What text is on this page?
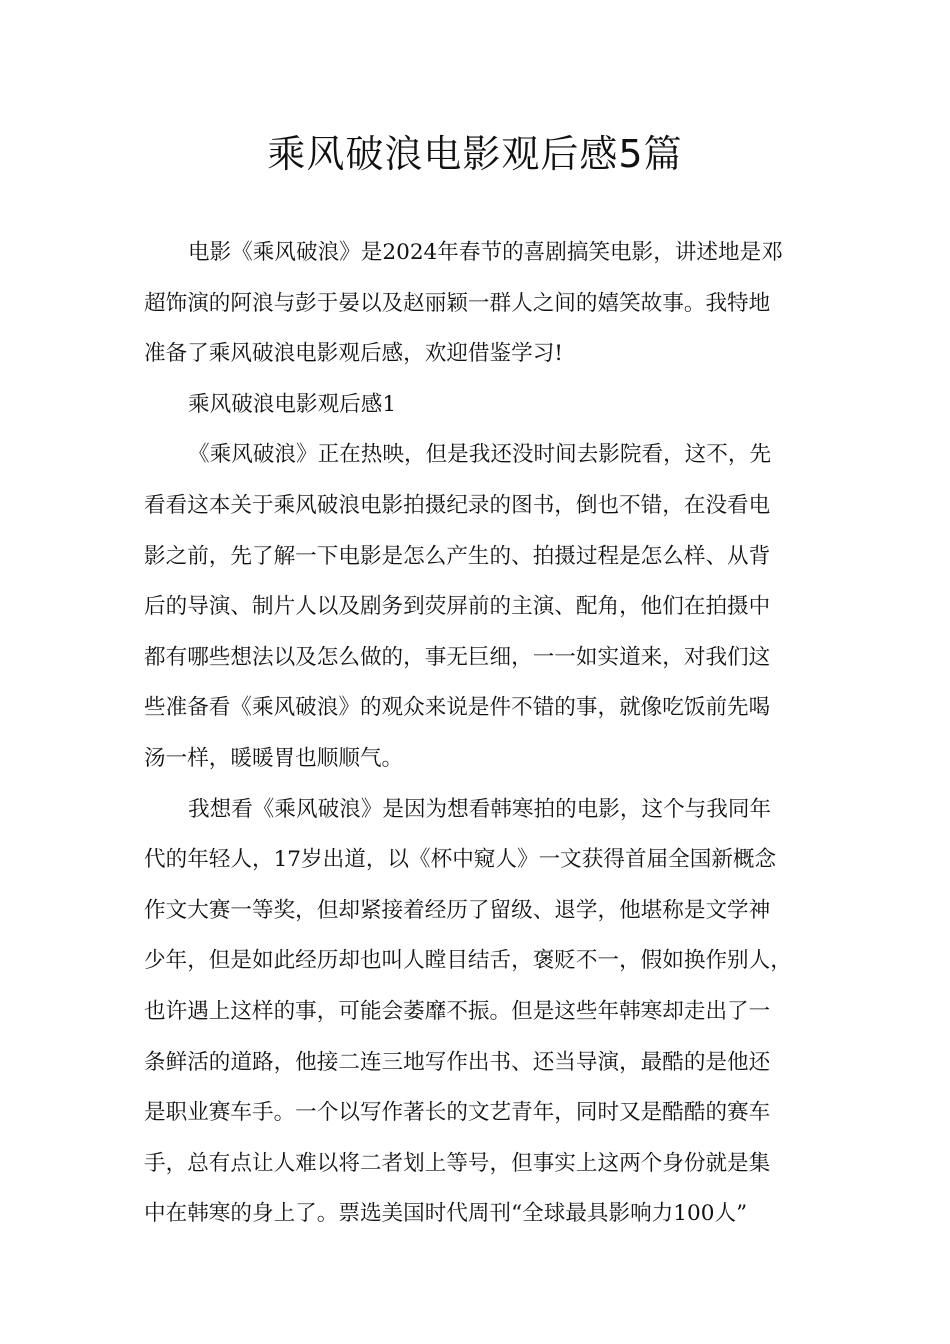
乘风破浪电影观后感5篇
电影《乘风破浪》是2024年春节的喜剧搞笑电影，讲述地是邓
超饰演的阿浪与彭于晏以及赵丽颖一群人之间的嬉笑故事。我特地
准备了乘风破浪电影观后感，欢迎借鉴学习!
乘风破浪电影观后感1
《乘风破浪》正在热映，但是我还没时间去影院看，这不，先
看看这本关于乘风破浪电影拍摄纪录的图书，倒也不错，在没看电
影之前，先了解一下电影是怎么产生的、拍摄过程是怎么样、从背
后的导演、制片人以及剧务到荧屏前的主演、配角，他们在拍摄中
都有哪些想法以及怎么做的，事无巨细，一一如实道来，对我们这
些准备看《乘风破浪》的观众来说是件不错的事，就像吃饭前先喝
汤一样，暖暖胃也顺顺气。
我想看《乘风破浪》是因为想看韩寒拍的电影，这个与我同年
代的年轻人，17岁出道，以《杯中窥人》一文获得首届全国新概念
作文大赛一等奖，但却紧接着经历了留级、退学，他堪称是文学神
少年，但是如此经历却也叫人瞠目结舌，褒贬不一，假如换作别人，
也许遇上这样的事，可能会萎靡不振。但是这些年韩寒却走出了一
条鲜活的道路，他接二连三地写作出书、还当导演，最酷的是他还
是职业赛车手。一个以写作著长的文艺青年，同时又是酷酷的赛车
手，总有点让人难以将二者划上等号，但事实上这两个身份就是集
中在韩寒的身上了。票选美国时代周刊“全球最具影响力100人”
